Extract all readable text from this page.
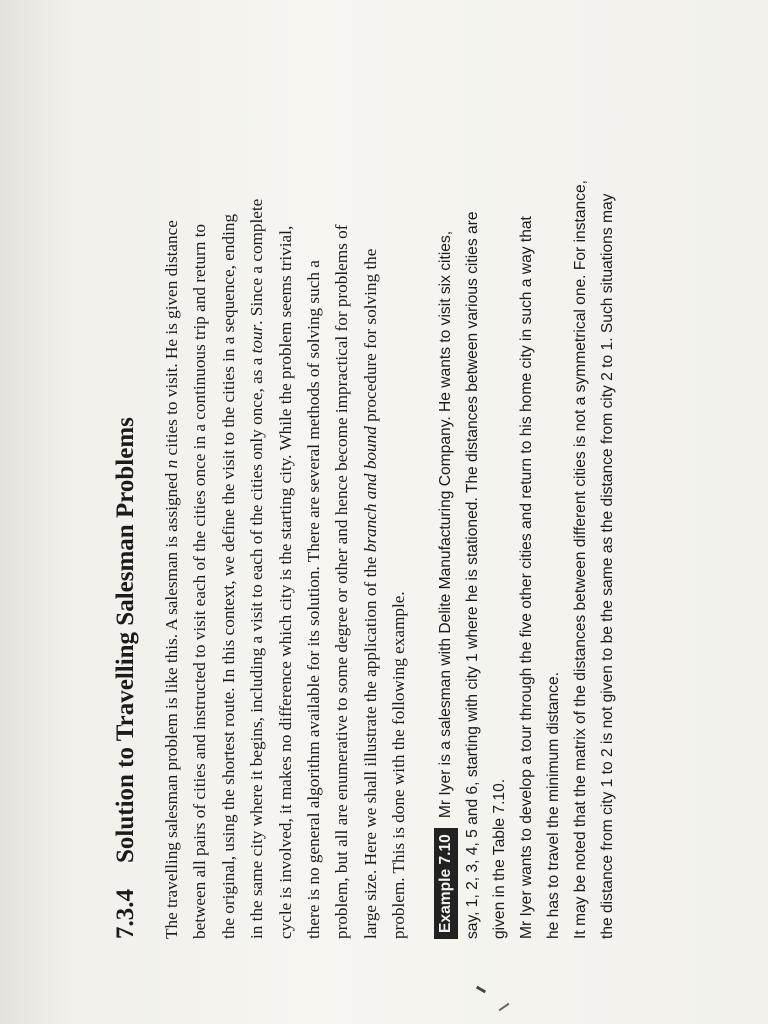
7.3.4Solution to Travelling Salesman Problems The travelling salesman problem is like this. A salesman is assigned n cities to visit. He is given distance between all pairs of cities and instructed to visit each of the cities once in a continuous trip and return to the original, using the shortest route. In this context, we define the visit to the cities in a sequence, ending in the same city where it begins, including a visit to each of the cities only once, as a tour. Since a complete cycle is involved, it makes no difference which city is the starting city. While the problem seems trivial, there is no general algorithm available for its solution. There are several methods of solving such a problem, but all are enumerative to some degree or other and hence become impractical for problems of large size. Here we shall illustrate the application of the branch and bound procedure for solving the
problem. This is done with the following example.	Example 7.10Mr Iyer is a salesman with Delite Manufacturing Company. He wants to visit six cities, say, 1, 2, 3, 4, 5 and 6, starting with city 1 where he is stationed. The distances between various cities are given in the Table 7.10. Mr Iyer wants to develop a tour through the five other cities and return to his home city in such a way that he has to travel the minimum distance. It may be noted that the matrix of the distances between different cities is not a symmetrical one. For instance, the distance from city 1 to 2 is not given to be the same as the distance from city 2 to 1. Such situations may
